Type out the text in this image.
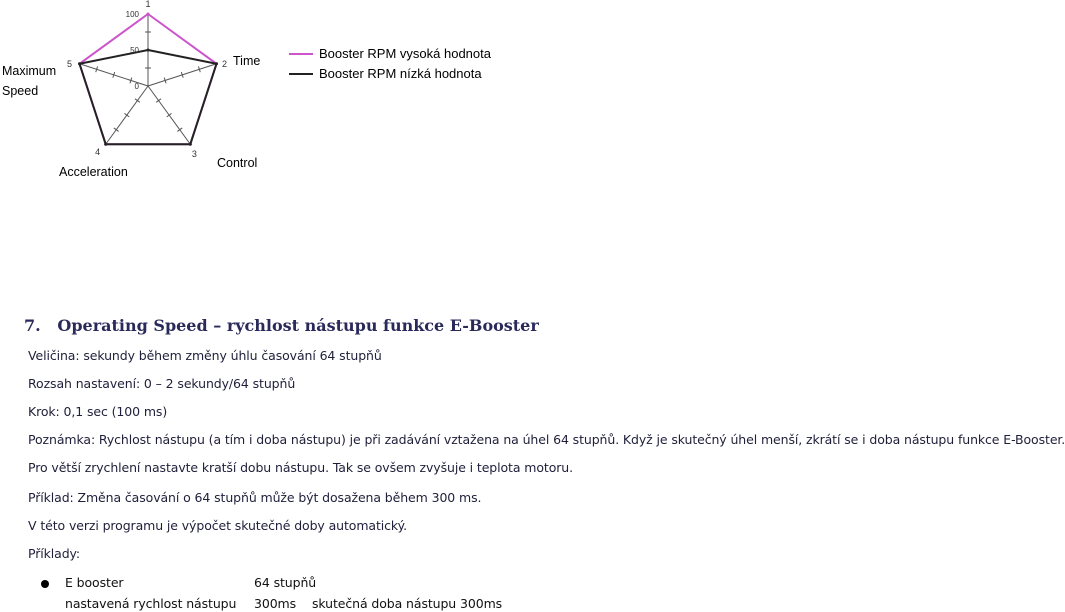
1
2
3
4
5
0
50
100
Maximum
Speed
Time
Acceleration
Control
Booster RPM vysoká hodnota
Booster RPM nízká hodnota
7. Operating Speed – rychlost nástupu funkce E-Booster
Veličina: sekundy během změny úhlu časování 64 stupňů
Rozsah nastavení: 0 – 2 sekundy/64 stupňů
Krok: 0,1 sec (100 ms)
Poznámka: Rychlost nástupu (a tím i doba nástupu) je při zadávání vztažena na úhel 64 stupňů. Když je skutečný úhel menší, zkrátí se i doba nástupu funkce E-Booster.
Pro větší zrychlení nastavte kratší dobu nástupu. Tak se ovšem zvyšuje i teplota motoru.
Příklad: Změna časování o 64 stupňů může být dosažena během 300 ms.
V této verzi programu je výpočet skutečné doby automatický.
Příklady:
E booster	64 stupňů
nastavená rychlost nástupu 300ms skutečná doba nástupu 300ms
